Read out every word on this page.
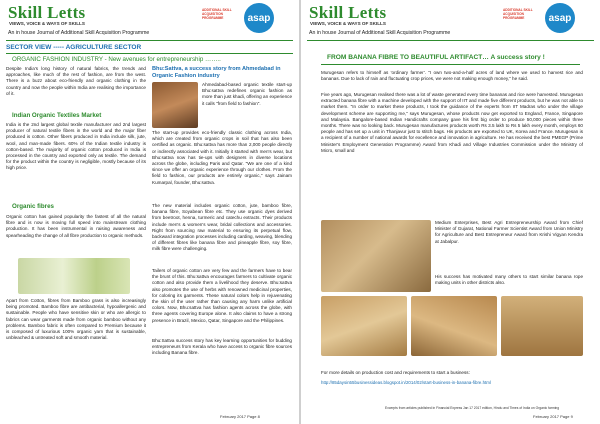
Skill Letts
VIEWS, VOICE & WAYS OF SKILLS
An in house Journal of Additional Skill Acquisition Programme
ADDITIONAL SKILL ACQUISITION PROGRAMME	asap
SECTOR VIEW ----- AGRICULTURE SECTOR
ORGANIC FASHION INDUSTRY - New avenues for entrepreneurship ……..
Despite India's long history of natural fabrics, the trends and approaches, like much of the rest of fashion, are from the west. There is a buzz about eco-friendly and organic clothing in the country and now the people within India are realising the importance of it.
Indian Organic Textiles Market
India is the 2nd largest global textile manufacturer and 2nd largest producer of natural textile fibers in the world and the major fiber produced is cotton. Other fibers produced in India include silk, jute, wool, and man-made fibers. 60% of the Indian textile industry is cotton-based. The majority of organic cotton produced in India is processed in the country and exported only as textile. The demand for the product within the country is negligible, mostly because of its high price.
Organic fibres
Organic cotton has gained popularity the fastest of all the natural fibre and is now is moving full speed into mainstream clothing production. It has been instrumental in raising awareness and spearheading the change of all fibre production to organic methods.
Apart from Cotton, fibres from Bamboo grass is also increasingly being promoted. Bamboo fibre are antibacterial, hypoallergenic and sustainable. People who have sensitive skin or who are allergic to fabrics can wear garments made from organic bamboo without any problems. Bamboo fabric is often compared to Premium because it is composed of luxurious 100% organic yarn that is sustainable, unbleached & untreated soft and smooth material.
Bhu:Sattva, a success story from Ahmedabad in Organic Fashion industry
Ahmedabad-based organic textile start-up Bhu:sattva redefines organic fashion as more than just khadi, offering an experience it calls "from field to fashion".
The start-up provides eco-friendly classic clothing across India, which are created from organic crops in soil that has also been certified as organic. Bhu:sattva has more than 2,000 people directly or indirectly associated with it. Initially it started with men's wear, but Bhu:sattva now has tie-ups with designers in diverse locations across the globe, including Paris and Qatar. "We are one of a kind since we offer an organic experience through our clothes. From the field to fashion, our products are entirely organic," says Jainam Kumarpal, founder, Bhu:sattva.
The new material includes organic cotton, jute, bamboo fibre, banana fibre, Soyabean fibre etc. They use organic dyes derived from beetroot, henna, turmeric and catechu extracts. Their products include men's & women's wear, bridal collections and accessories. Right from sourcing raw material to ensuring its perpetual flow, backward integration processes including carding, weaving, blending of different fibres like banana fibre and pineapple fibre, soy fibre, milk fibre were challenging.
Tailers of organic cotton are very few and the farmers have to bear the brunt of this. Bhu:sattva encourages farmers to cultivate organic cotton and also provide them a livelihood they deserve. Bhu:sattva also promotes the use of herbs with renowned medicinal properties, for coloring its garments. These natural colors help in rejuvenating the skin of the user rather than causing any harm unlike artificial colors. Now, Bhu:sattva has fashion agents across the globe, with three agents covering Europe alone. It also claims to have a strong presence in Brazil, Mexico, Qatar, Singapore and the Philippines.
Bhu:Sattva success story has key learning opportunities for budding entrepreneurs from Kerala who have access to organic fibre sources including Banana fibre.
February 2017 Page 8
Skill Letts
VIEWS, VOICE & WAYS OF SKILLS
An in house Journal of Additional Skill Acquisition Programme
ADDITIONAL SKILL ACQUISITION PROGRAMME	asap
FROM BANANA FIBRE TO BEAUTIFUL ARTIFACT… A success story !
Murugesan refers to himself as 'ordinary farmer'. "I own two-and-a-half acres of land where we used to harvest rice and bananas. Due to lack of rain and fluctuating crop prices, we were not making enough money," he said.
Five years ago, Murugesan realised there was a lot of waste generated every time bananas and rice were harvested. Murugesan extracted banana fibre with a machine developed with the support of IIT and made five different products, but he was not able to market them. "In order to market these products, I took the guidance of the experts from IIT Madras who under the village development scheme are supporting me," says Murugesan, whose products now get exported to England, France, Singapore and Malaysia. Bangalore-based Indian Handicrafts company gave his first big order to produce 50,000 pieces within three months. There was no looking back. Murugesan manufactures products worth Rs 3.5 lakh to Rs 5 lakh every month, employs 60 people and has set up a unit in Thanjavur just to stitch bags. His products are exported to UK, Korea and France. Murugesan is a recipient of a number of national awards for excellence and innovation in agriculture. He has received the best PMEGP (Prime Minister's Employment Generation Programme) Award from Khadi and Village Industries Commission under the Ministry of Micro, small and
Medium Enterprises, Best Agri Entrepreneurship Award from Chief Minister of Gujarat, National Farmer Scientist Award from Union Ministry for Agriculture and Best Entrepreneur Award from Krishi Vigyan Kendra at Jabalpur.
His success has motivated many others to start similar banana rope making units in other districts also.
For more details on production cost and requirements to start a business:
http://85daysin55businessideas.blogspot.in/2014/02/start-business-in-banana-fibre.html
Excerpts from articles published in Financial Express Jan 17 2017 edition, Hindu and Times of India on Organic farming
February 2017 Page 9
